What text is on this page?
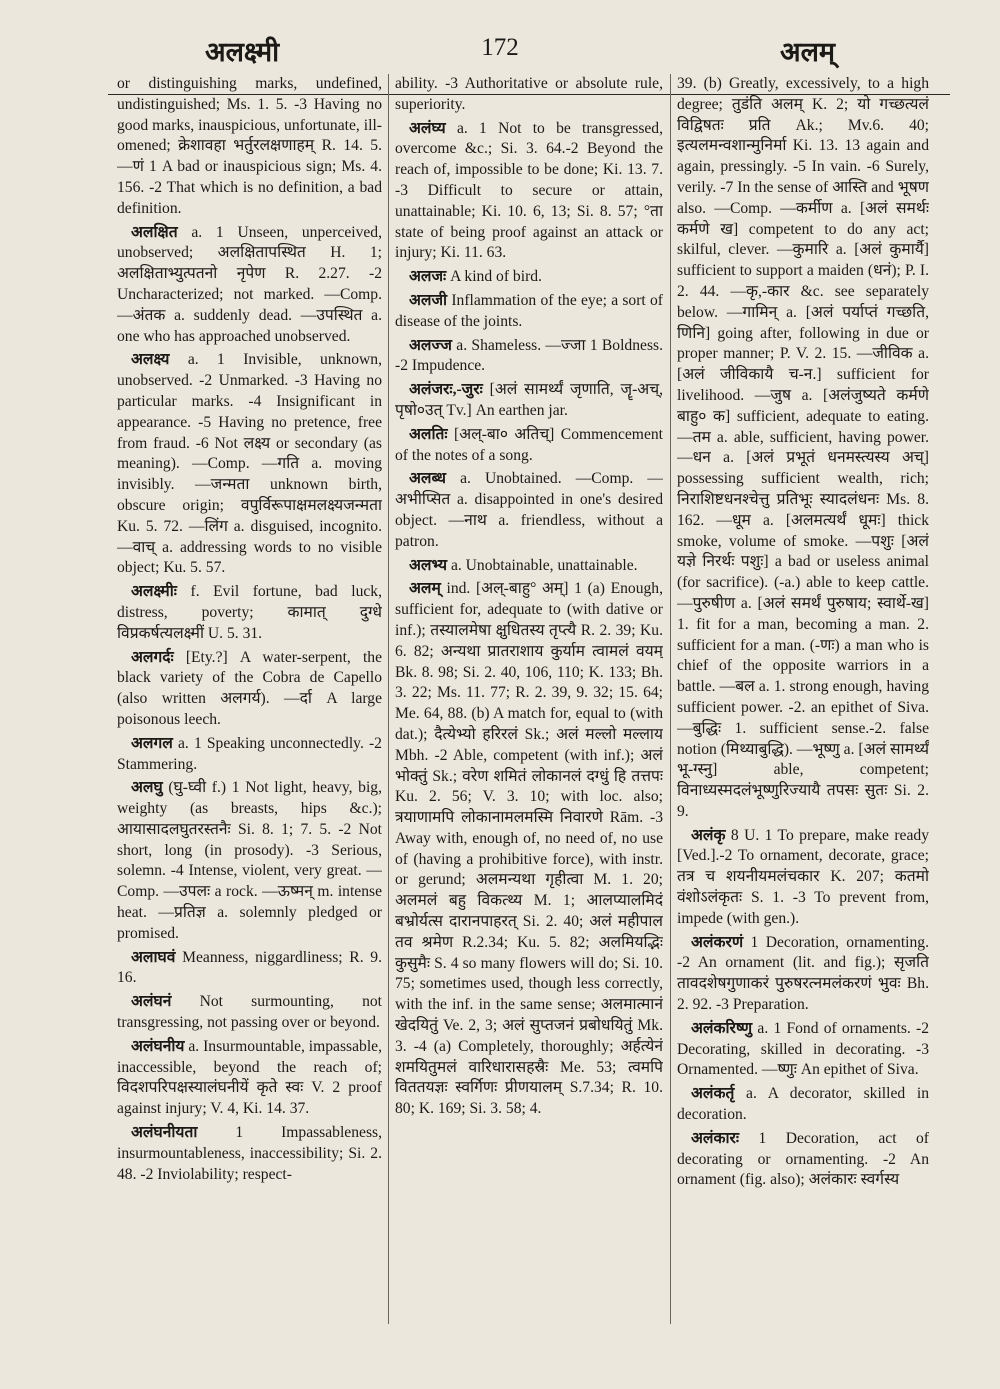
अलक्ष्मी	172	अलम्

or distinguishing marks, undefined, undistinguished; Ms. 1. 5. -3 Having no good marks, inauspicious, unfortunate, ill-omened; क्रेशावहा भर्तुरलक्षणाहम् R. 14. 5. —णं 1 A bad or inauspicious sign; Ms. 4. 156. -2 That which is no definition, a bad definition.

अलक्षित a. 1 Unseen, unperceived, unobserved; अलक्षितापस्थित H. 1; अलक्षिताभ्युत्पतनो नृपेण R. 2.27. -2 Uncharacterized; not marked. —Comp. —अंतक a. suddenly dead. —उपस्थित a. one who has approached unobserved.

अलक्ष्य a. 1 Invisible, unknown, unobserved. -2 Unmarked. -3 Having no particular marks. -4 Insignificant in appearance. -5 Having no pretence, free from fraud. -6 Not लक्ष्य or secondary (as meaning). —Comp. —गति a. moving invisibly. —जन्मता unknown birth, obscure origin; वपुर्विरूपाक्षमलक्ष्यजन्मता Ku. 5. 72. —लिंग a. disguised, incognito. —वाच् a. addressing words to no visible object; Ku. 5. 57.

अलक्ष्मीः f. Evil fortune, bad luck, distress, poverty; कामात् दुग्धे विप्रकर्षत्यलक्ष्मीं U. 5. 31.

अलगर्दः [Ety.?] A water-serpent, the black variety of the Cobra de Capello (also written अलगर्य). —र्दा A large poisonous leech.

अलगल a. 1 Speaking unconnectedly. -2 Stammering.

अलघु (घु-घ्वी f.) 1 Not light, heavy, big, weighty (as breasts, hips &c.); आयासादलघुतरस्तनैः Si. 8. 1; 7. 5. -2 Not short, long (in prosody). -3 Serious, solemn. -4 Intense, violent, very great. —Comp. —उपलः a rock. —ऊष्मन् m. intense heat. —प्रतिज्ञ a. solemnly pledged or promised.

अलाघवं Meanness, niggardliness; R. 9. 16.

अलंघनं Not surmounting, not transgressing, not passing over or beyond.

अलंघनीय a. Insurmountable, impassable, inaccessible, beyond the reach of; विदशपरिपक्षस्यालंघनीयें कृते स्वः V. 2 proof against injury; V. 4, Ki. 14. 37.

अलंघनीयता 1 Impassableness, insurmountableness, inaccessibility; Si. 2. 48. -2 Inviolability; respect-

ability. -3 Authoritative or absolute rule, superiority.

अलंघ्य a. 1 Not to be transgressed, overcome &c.; Si. 3. 64.-2 Beyond the reach of, impossible to be done; Ki. 13. 7. -3 Difficult to secure or attain, unattainable; Ki. 10. 6, 13; Si. 8. 57; °ता state of being proof against an attack or injury; Ki. 11. 63.

अलजः A kind of bird.

अलजी Inflammation of the eye; a sort of disease of the joints.

अलज्ज a. Shameless. —ज्जा 1 Boldness. -2 Impudence.

अलंजरः,-जुरः [अलं सामर्थ्यं जृणाति, जॄ-अच्, पृषो०उत् Tv.] An earthen jar.

अलतिः [अल्-बा० अतिच्] Commencement of the notes of a song.

अलब्ध a. Unobtained. —Comp. —अभीप्सित a. disappointed in one's desired object. —नाथ a. friendless, without a patron.

अलभ्य a. Unobtainable, unattainable.

अलम् ind. [अल्-बाहु° अम्] 1 (a) Enough, sufficient for, adequate to (with dative or inf.); तस्यालमेषा क्षुधितस्य तृप्त्यै R. 2. 39; Ku. 6. 82; अन्यथा प्रातराशाय कुर्याम त्वामलं वयम् Bk. 8. 98; Si. 2. 40, 106, 110; K. 133; Bh. 3. 22; Ms. 11. 77; R. 2. 39, 9. 32; 15. 64; Me. 64, 88. (b) A match for, equal to (with dat.); दैत्येभ्यो हरिरलं Sk.; अलं मल्लो मल्लाय Mbh. -2 Able, competent (with inf.); अलं भोक्तुं Sk.; वरेण शमितं लोकानलं दग्धुं हि तत्तपः Ku. 2. 56; V. 3. 10; with loc. also; त्रयाणामपि लोकानामलमस्मि निवारणे Rām. -3 Away with, enough of, no need of, no use of (having a prohibitive force), with instr. or gerund; अलमन्यथा गृहीत्वा M. 1. 20; अलमलं बहु विकत्थ्य M. 1; आलप्यालमिदं बभ्रोर्यत्स दारानपाहरत् Si. 2. 40; अलं महीपाल तव श्रमेण R.2.34; Ku. 5. 82; अलमियद्भिः कुसुमैः S. 4 so many flowers will do; Si. 10. 75; sometimes used, though less correctly, with the inf. in the same sense; अलमात्मानं खेदयितुं Ve. 2, 3; अलं सुप्तजनं प्रबोधयितुं Mk. 3. -4 (a) Completely, thoroughly; अर्हत्येनं शमयितुमलं वारिधारासहस्रैः Me. 53; त्वमपि विततयज्ञः स्वर्गिणः प्रीणयालम् S.7.34; R. 10. 80; K. 169; Si. 3. 58; 4.

39. (b) Greatly, excessively, to a high degree; तुडंति अलम् K. 2; यो गच्छत्यलं विद्विषतः प्रति Ak.; Mv.6. 40; इत्यलमन्वशान्मुनिर्मा Ki. 13. 13 again and again, pressingly. -5 In vain. -6 Surely, verily. -7 In the sense of आस्ति and भूषण also. —Comp. —कर्मीण a. [अलं समर्थः कर्मणे ख] competent to do any act; skilful, clever. —कुमारि a. [अलं कुमार्यै] sufficient to support a maiden (धनं); P. I. 2. 44. —कृ,-कार &c. see separately below. —गामिन् a. [अलं पर्याप्तं गच्छति, णिनि] going after, following in due or proper manner; P. V. 2. 15. —जीविक a. [अलं जीविकायै च-न.] sufficient for livelihood. —जुष a. [अलंजुष्यते कर्मणे बाहु० क] sufficient, adequate to eating. —तम a. able, sufficient, having power. —धन a. [अलं प्रभूतं धनमस्त्यस्य अच्] possessing sufficient wealth, rich; निराशिष्टधनश्चेत्तु प्रतिभूः स्यादलंधनः Ms. 8. 162. —धूम a. [अलमत्यर्थं धूमः] thick smoke, volume of smoke. —पशुः [अलं यज्ञे निरर्थः पशुः] a bad or useless animal (for sacrifice). (-a.) able to keep cattle. —पुरुषीण a. [अलं समर्थं पुरुषाय; स्वार्थे-ख] 1. fit for a man, becoming a man. 2. sufficient for a man. (-णः) a man who is chief of the opposite warriors in a battle. —बल a. 1. strong enough, having sufficient power. -2. an epithet of Siva. —बुद्धिः 1. sufficient sense.-2. false notion (मिथ्याबुद्धि). —भूष्णु a. [अलं सामर्थ्यं भू-ग्स्नु] able, competent; विनाध्यस्मदलंभूष्णुरिज्यायै तपसः सुतः Si. 2. 9.

अलंकृ 8 U. 1 To prepare, make ready [Ved.].-2 To ornament, decorate, grace; तत्र च शयनीयमलंचकार K. 207; कतमो वंशोऽलंकृतः S. 1. -3 To prevent from, impede (with gen.).

अलंकरणं 1 Decoration, ornamenting. -2 An ornament (lit. and fig.); सृजति तावदशेषगुणाकरं पुरुषरत्नमलंकरणं भुवः Bh. 2. 92. -3 Preparation.

अलंकरिष्णु a. 1 Fond of ornaments. -2 Decorating, skilled in decorating. -3 Ornamented. —ष्णुः An epithet of Siva.

अलंकर्तृ a. A decorator, skilled in decoration.

अलंकारः 1 Decoration, act of decorating or ornamenting. -2 An ornament (fig. also); अलंकारः स्वर्गस्य
